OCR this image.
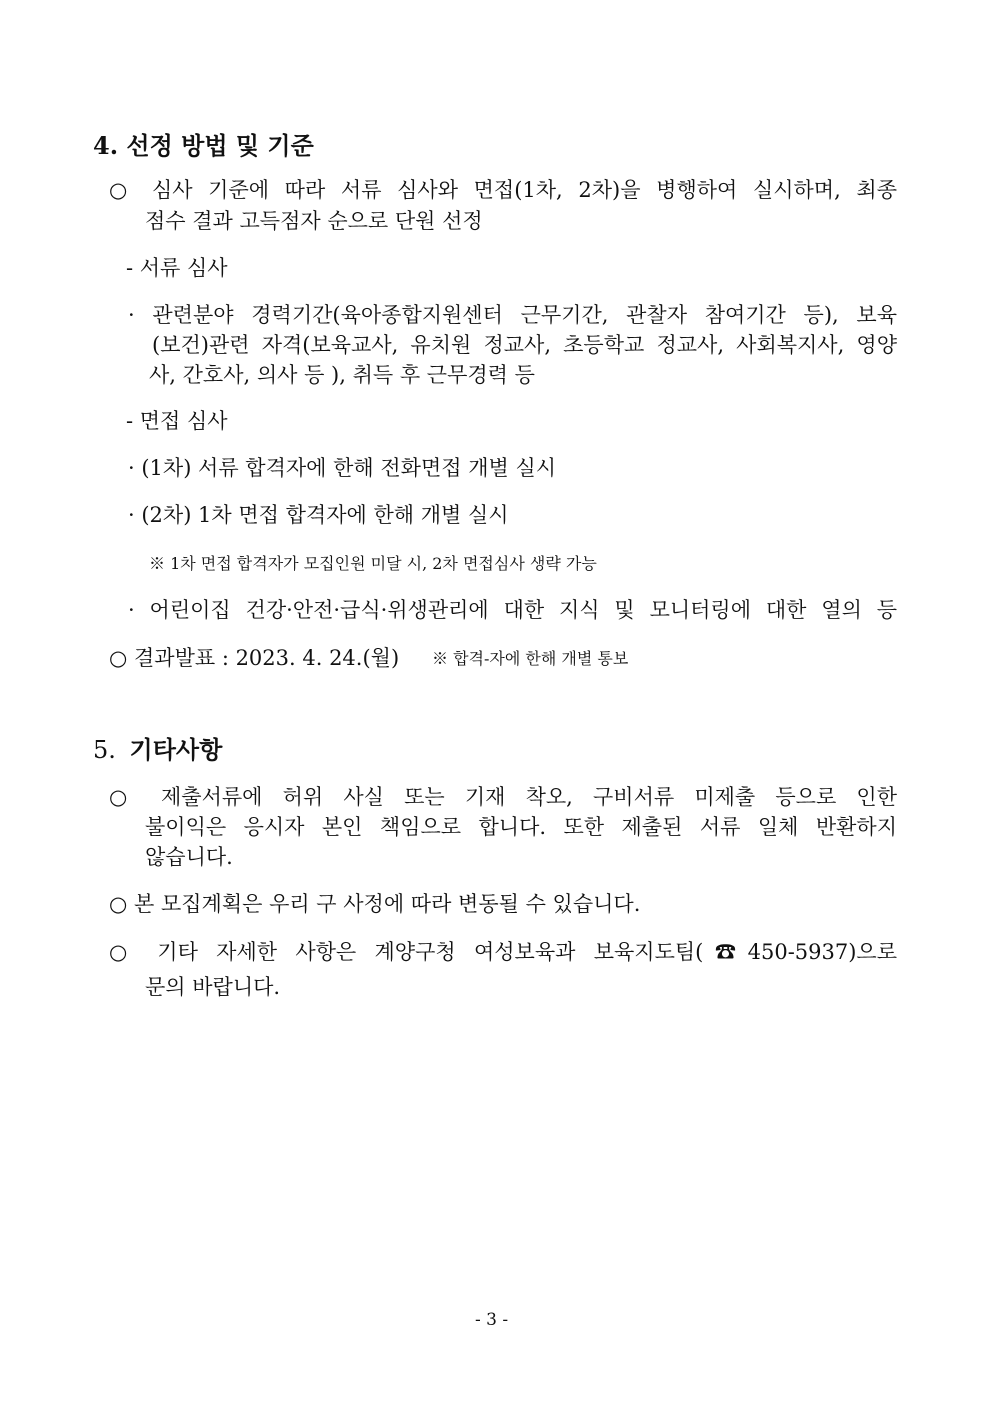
4. 선정 방법 및 기준
○ 심사 기준에 따라 서류 심사와 면접(1차, 2차)을 병행하여 실시하며, 최종
점수 결과 고득점자 순으로 단원 선정
- 서류 심사
· 관련분야 경력기간(육아종합지원센터 근무기간, 관찰자 참여기간 등), 보육
(보건)관련 자격(보육교사, 유치원 정교사, 초등학교 정교사, 사회복지사, 영양
사, 간호사, 의사 등 ), 취득 후 근무경력 등
- 면접 심사
· (1차) 서류 합격자에 한해 전화면접 개별 실시
· (2차) 1차 면접 합격자에 한해 개별 실시
※ 1차 면접 합격자가 모집인원 미달 시, 2차 면접심사 생략 가능
· 어린이집 건강·안전·급식·위생관리에 대한 지식 및 모니터링에 대한 열의 등
○ 결과발표 : 2023. 4. 24.(월) ※ 합격-자에 한해 개별 통보
5. 기타사항
○ 제출서류에 허위 사실 또는 기재 착오, 구비서류 미제출 등으로 인한
불이익은 응시자 본인 책임으로 합니다. 또한 제출된 서류 일체 반환하지
않습니다.
○ 본 모집계획은 우리 구 사정에 따라 변동될 수 있습니다.
○ 기타 자세한 사항은 계양구청 여성보육과 보육지도팀(☎450-5937)으로
문의 바랍니다.
- 3 -
